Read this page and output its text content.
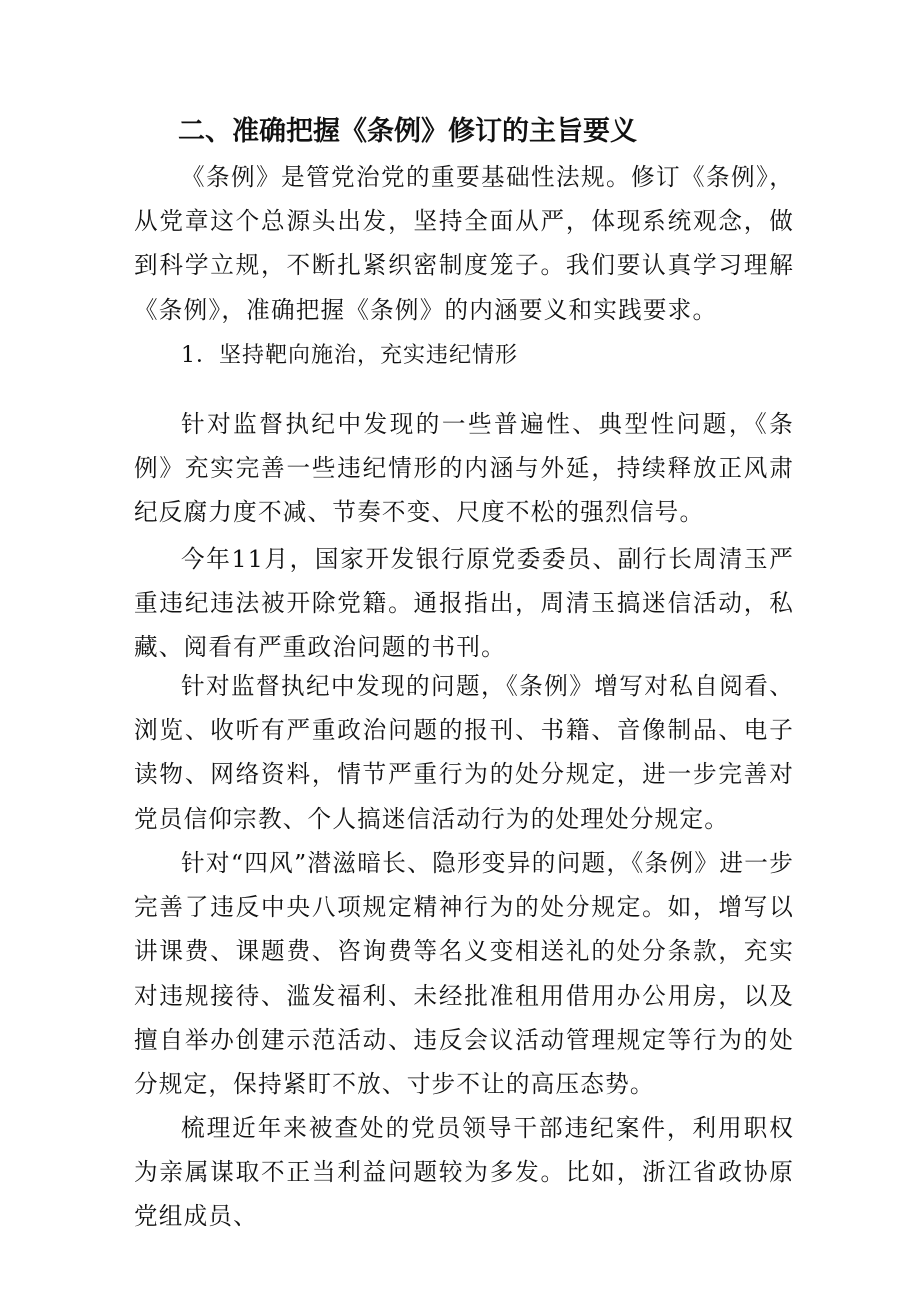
二、准确把握《条例》修订的主旨要义

《条例》是管党治党的重要基础性法规。修订《条例》，从党章这个总源头出发，坚持全面从严，体现系统观念，做到科学立规，不断扎紧织密制度笼子。我们要认真学习理解《条例》，准确把握《条例》的内涵要义和实践要求。

1．坚持靶向施治，充实违纪情形

针对监督执纪中发现的一些普遍性、典型性问题，《条例》充实完善一些违纪情形的内涵与外延，持续释放正风肃纪反腐力度不减、节奏不变、尺度不松的强烈信号。

今年11月，国家开发银行原党委委员、副行长周清玉严重违纪违法被开除党籍。通报指出，周清玉搞迷信活动，私藏、阅看有严重政治问题的书刊。

针对监督执纪中发现的问题，《条例》增写对私自阅看、浏览、收听有严重政治问题的报刊、书籍、音像制品、电子读物、网络资料，情节严重行为的处分规定，进一步完善对党员信仰宗教、个人搞迷信活动行为的处理处分规定。

针对“四风”潜滋暗长、隐形变异的问题，《条例》进一步完善了违反中央八项规定精神行为的处分规定。如，增写以讲课费、课题费、咨询费等名义变相送礼的处分条款，充实对违规接待、滥发福利、未经批准租用借用办公用房，以及擅自举办创建示范活动、违反会议活动管理规定等行为的处分规定，保持紧盯不放、寸步不让的高压态势。

梳理近年来被查处的党员领导干部违纪案件，利用职权为亲属谋取不正当利益问题较为多发。比如，浙江省政协原党组成员、
